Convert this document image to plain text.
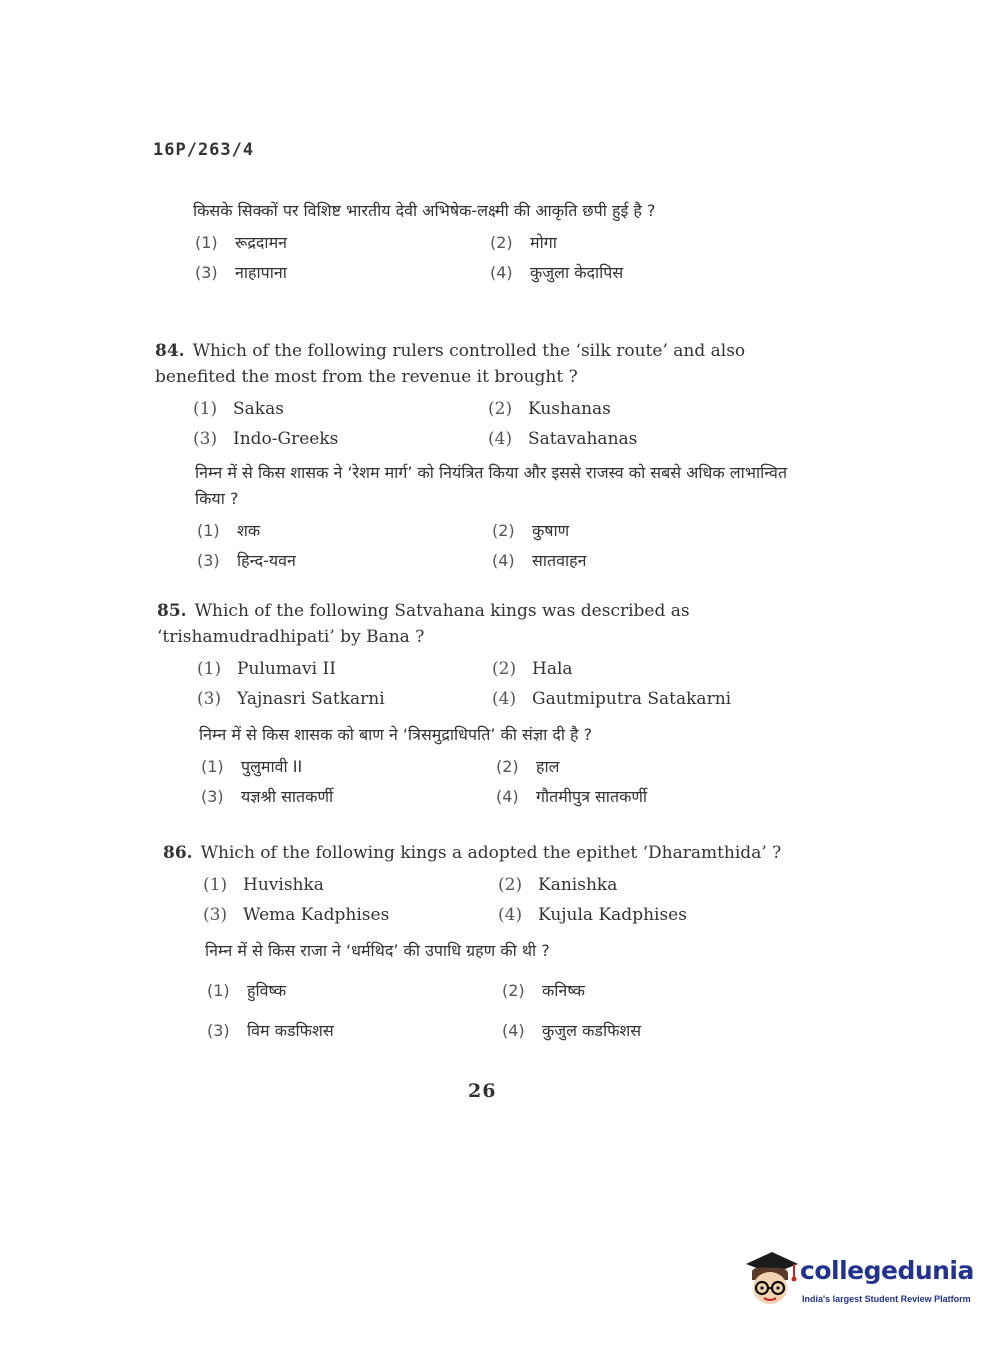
16P/263/4
किसके सिक्कों पर विशिष्ट भारतीय देवी अभिषेक-लक्ष्मी की आकृति छपी हुई है ?
(1) रूद्रदामन	(2) मोगा
(3) नाहापाना	(4) कुजुला केदापिस
84. Which of the following rulers controlled the ‘silk route’ and also benefited the most from the revenue it brought ?
(1) Sakas	(2) Kushanas
(3) Indo-Greeks	(4) Satavahanas
निम्न में से किस शासक ने ‘रेशम मार्ग’ को नियंत्रित किया और इससे राजस्व को सबसे अधिक लाभान्वित किया ?
(1) शक	(2) कुषाण
(3) हिन्द-यवन	(4) सातवाहन
85. Which of the following Satvahana kings was described as ‘trishamudradhipati’ by Bana ?
(1) Pulumavi II	(2) Hala
(3) Yajnasri Satkarni	(4) Gautmiputra Satakarni
निम्न में से किस शासक को बाण ने ‘त्रिसमुद्राधिपति’ की संज्ञा दी है ?
(1) पुलुमावी II	(2) हाल
(3) यज्ञश्री सातकर्णी	(4) गौतमीपुत्र सातकर्णी
86. Which of the following kings a adopted the epithet ‘Dharamthida’ ?
(1) Huvishka	(2) Kanishka
(3) Wema Kadphises	(4) Kujula Kadphises
निम्न में से किस राजा ने ‘धर्मथिद’ की उपाधि ग्रहण की थी ?
(1) हुविष्क	(2) कनिष्क
(3) विम कडफिशस	(4) कुजुल कडफिशस
26
collegedunia
India's largest Student Review Platform
